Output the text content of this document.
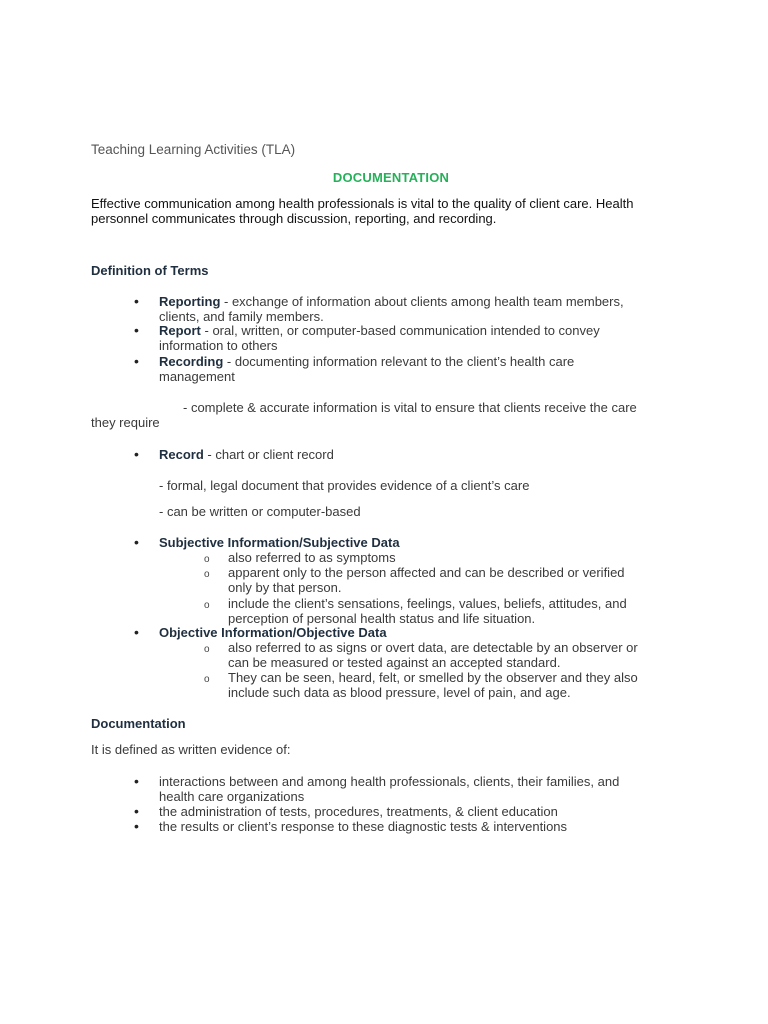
Teaching Learning Activities (TLA)

DOCUMENTATION

Effective communication among health professionals is vital to the quality of client care. Health

personnel communicates through discussion, reporting, and recording.

Definition of Terms

•	Reporting - exchange of information about clients among health team members,

clients, and family members.

•	Report - oral, written, or computer-based communication intended to convey

information to others

•	Recording - documenting information relevant to the client’s health care

management

- complete & accurate information is vital to ensure that clients receive the care

they require

•	Record - chart or client record

- formal, legal document that provides evidence of a client’s care

- can be written or computer-based

•	Subjective Information/Subjective Data

o also referred to as symptoms

o apparent only to the person affected and can be described or verified

only by that person.

o include the client’s sensations, feelings, values, beliefs, attitudes, and

perception of personal health status and life situation.

•	Objective Information/Objective Data

o also referred to as signs or overt data, are detectable by an observer or

can be measured or tested against an accepted standard.

o They can be seen, heard, felt, or smelled by the observer and they also

include such data as blood pressure, level of pain, and age.

Documentation

It is defined as written evidence of:

•	interactions between and among health professionals, clients, their families, and

health care organizations

•	the administration of tests, procedures, treatments, & client education

•	the results or client’s response to these diagnostic tests & interventions
